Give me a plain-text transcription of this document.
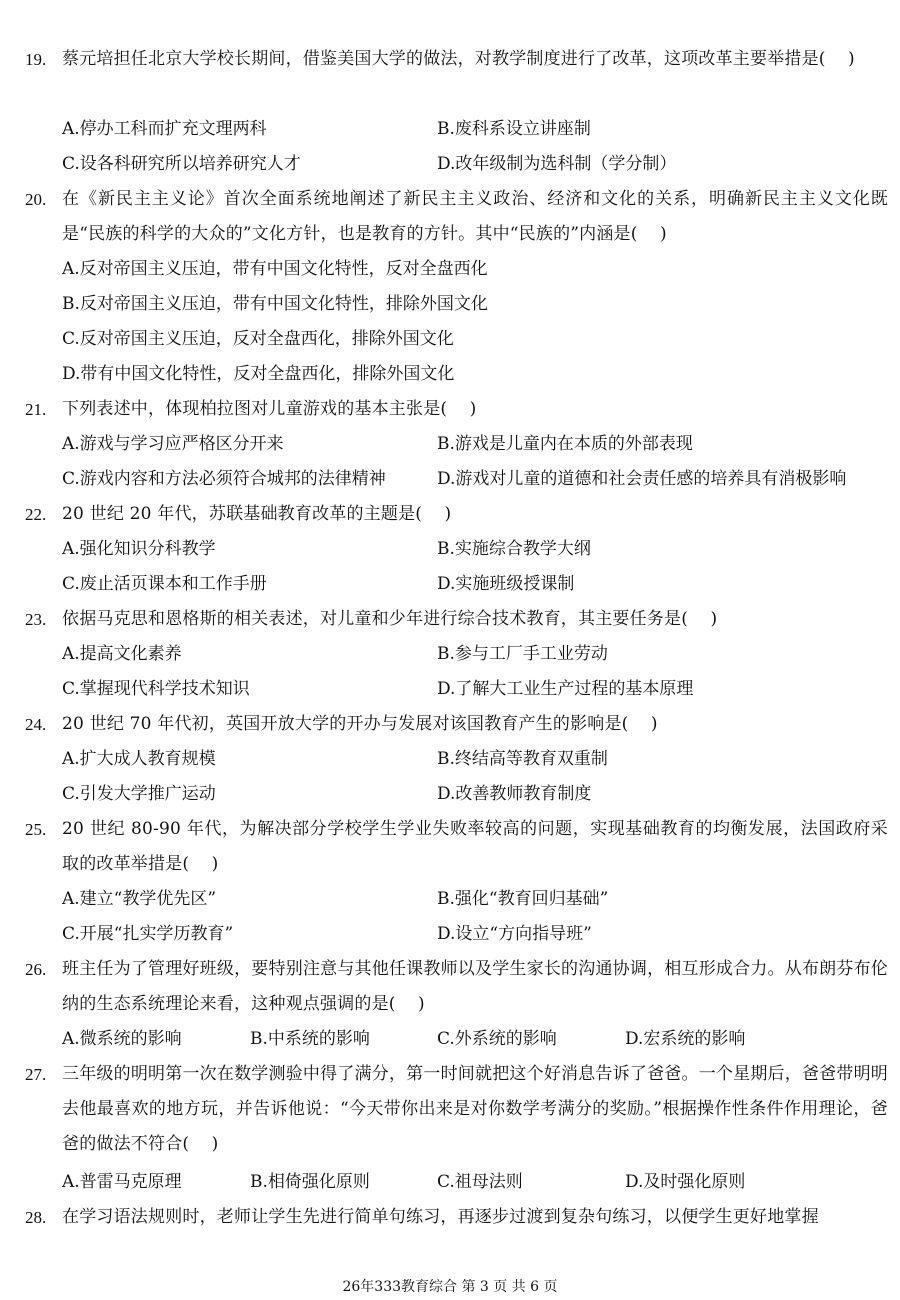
19. 蔡元培担任北京大学校长期间，借鉴美国大学的做法，对教学制度进行了改革，这项改革主要举措是(    )
A.停办工科而扩充文理两科	B.废科系设立讲座制
C.设各科研究所以培养研究人才	D.改年级制为选科制（学分制）
20. 在《新民主主义论》首次全面系统地阐述了新民主主义政治、经济和文化的关系，明确新民主主义文化既是“民族的科学的大众的”文化方针，也是教育的方针。其中“民族的”内涵是(    )
A.反对帝国主义压迫，带有中国文化特性，反对全盘西化
B.反对帝国主义压迫，带有中国文化特性，排除外国文化
C.反对帝国主义压迫，反对全盘西化，排除外国文化
D.带有中国文化特性，反对全盘西化，排除外国文化
21. 下列表述中，体现柏拉图对儿童游戏的基本主张是(    )
A.游戏与学习应严格区分开来	B.游戏是儿童内在本质的外部表现
C.游戏内容和方法必须符合城邦的法律精神	D.游戏对儿童的道德和社会责任感的培养具有消极影响
22. 20 世纪 20 年代，苏联基础教育改革的主题是(    )
A.强化知识分科教学	B.实施综合教学大纲
C.废止活页课本和工作手册	D.实施班级授课制
23. 依据马克思和恩格斯的相关表述，对儿童和少年进行综合技术教育，其主要任务是(    )
A.提高文化素养	B.参与工厂手工业劳动
C.掌握现代科学技术知识	D.了解大工业生产过程的基本原理
24. 20 世纪 70 年代初，英国开放大学的开办与发展对该国教育产生的影响是(    )
A.扩大成人教育规模	B.终结高等教育双重制
C.引发大学推广运动	D.改善教师教育制度
25. 20 世纪 80-90 年代，为解决部分学校学生学业失败率较高的问题，实现基础教育的均衡发展，法国政府采取的改革举措是(    )
A.建立“教学优先区”	B.强化“教育回归基础”
C.开展“扎实学历教育”	D.设立“方向指导班”
26. 班主任为了管理好班级，要特别注意与其他任课教师以及学生家长的沟通协调，相互形成合力。从布朗芬布伦纳的生态系统理论来看，这种观点强调的是(    )
A.微系统的影响	B.中系统的影响	C.外系统的影响	D.宏系统的影响
27. 三年级的明明第一次在数学测验中得了满分，第一时间就把这个好消息告诉了爸爸。一个星期后，爸爸带明明去他最喜欢的地方玩，并告诉他说：“今天带你出来是对你数学考满分的奖励。”根据操作性条件作用理论，爸爸的做法不符合(    )
A.普雷马克原理	B.相倚强化原则	C.祖母法则	D.及时强化原则
28. 在学习语法规则时，老师让学生先进行简单句练习，再逐步过渡到复杂句练习，以便学生更好地掌握
26年333教育综合 第 3 页 共 6 页
